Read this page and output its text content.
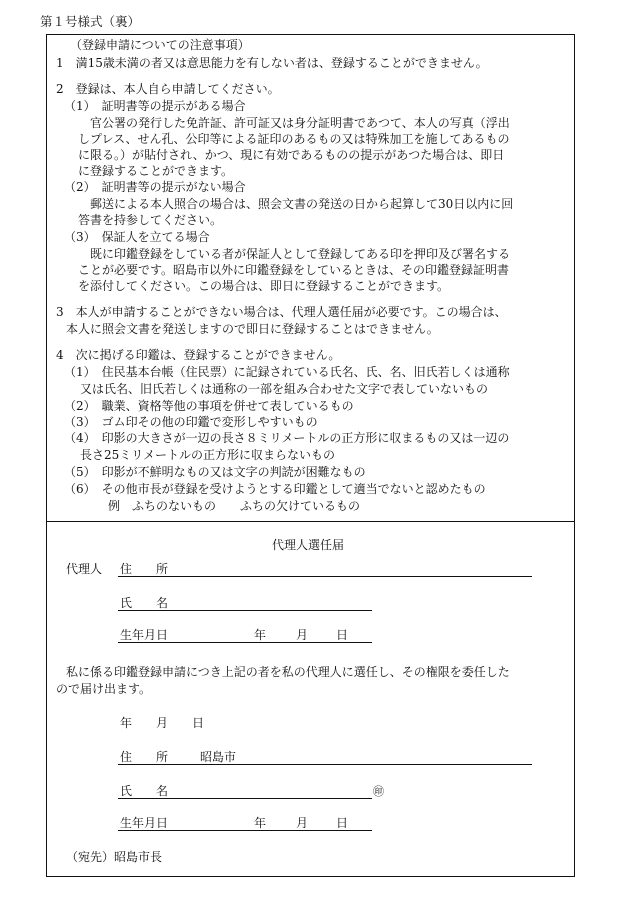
第１号様式（裏）
（登録申請についての注意事項）
1　満15歳未満の者又は意思能力を有しない者は、登録することができません。
2　登録は、本人自ら申請してください。
（1）　証明書等の提示がある場合
官公署の発行した免許証、許可証又は身分証明書であつて、本人の写真（浮出
しプレス、せん孔、公印等による証印のあるもの又は特殊加工を施してあるもの
に限る。）が貼付され、かつ、現に有効であるものの提示があつた場合は、即日
に登録することができます。
（2）　証明書等の提示がない場合
郵送による本人照合の場合は、照会文書の発送の日から起算して30日以内に回
答書を持参してください。
（3）　保証人を立てる場合
既に印鑑登録をしている者が保証人として登録してある印を押印及び署名する
ことが必要です。昭島市以外に印鑑登録をしているときは、その印鑑登録証明書
を添付してください。この場合は、即日に登録することができます。
3　本人が申請することができない場合は、代理人選任届が必要です。この場合は、
本人に照会文書を発送しますので即日に登録することはできません。
4　次に掲げる印鑑は、登録することができません。
（1）　住民基本台帳（住民票）に記録されている氏名、氏、名、旧氏若しくは通称
又は氏名、旧氏若しくは通称の一部を組み合わせた文字で表していないもの
（2）　職業、資格等他の事項を併せて表しているもの
（3）　ゴム印その他の印鑑で変形しやすいもの
（4）　印影の大きさが一辺の長さ８ミリメートルの正方形に収まるもの又は一辺の
長さ25ミリメートルの正方形に収まらないもの
（5）　印影が不鮮明なもの又は文字の判読が困難なもの
（6）　その他市長が登録を受けようとする印鑑として適当でないと認めたもの
例　ふちのないもの　　ふちの欠けているもの
代理人選任届
代理人 住　　所
氏　　名
生年月日	年 月 日
私に係る印鑑登録申請につき上記の者を私の代理人に選任し、その権限を委任した
ので届け出ます。
年　　月　　日
住　　所	昭島市
氏　　名	㊞
生年月日	年 月 日
（宛先）昭島市長
